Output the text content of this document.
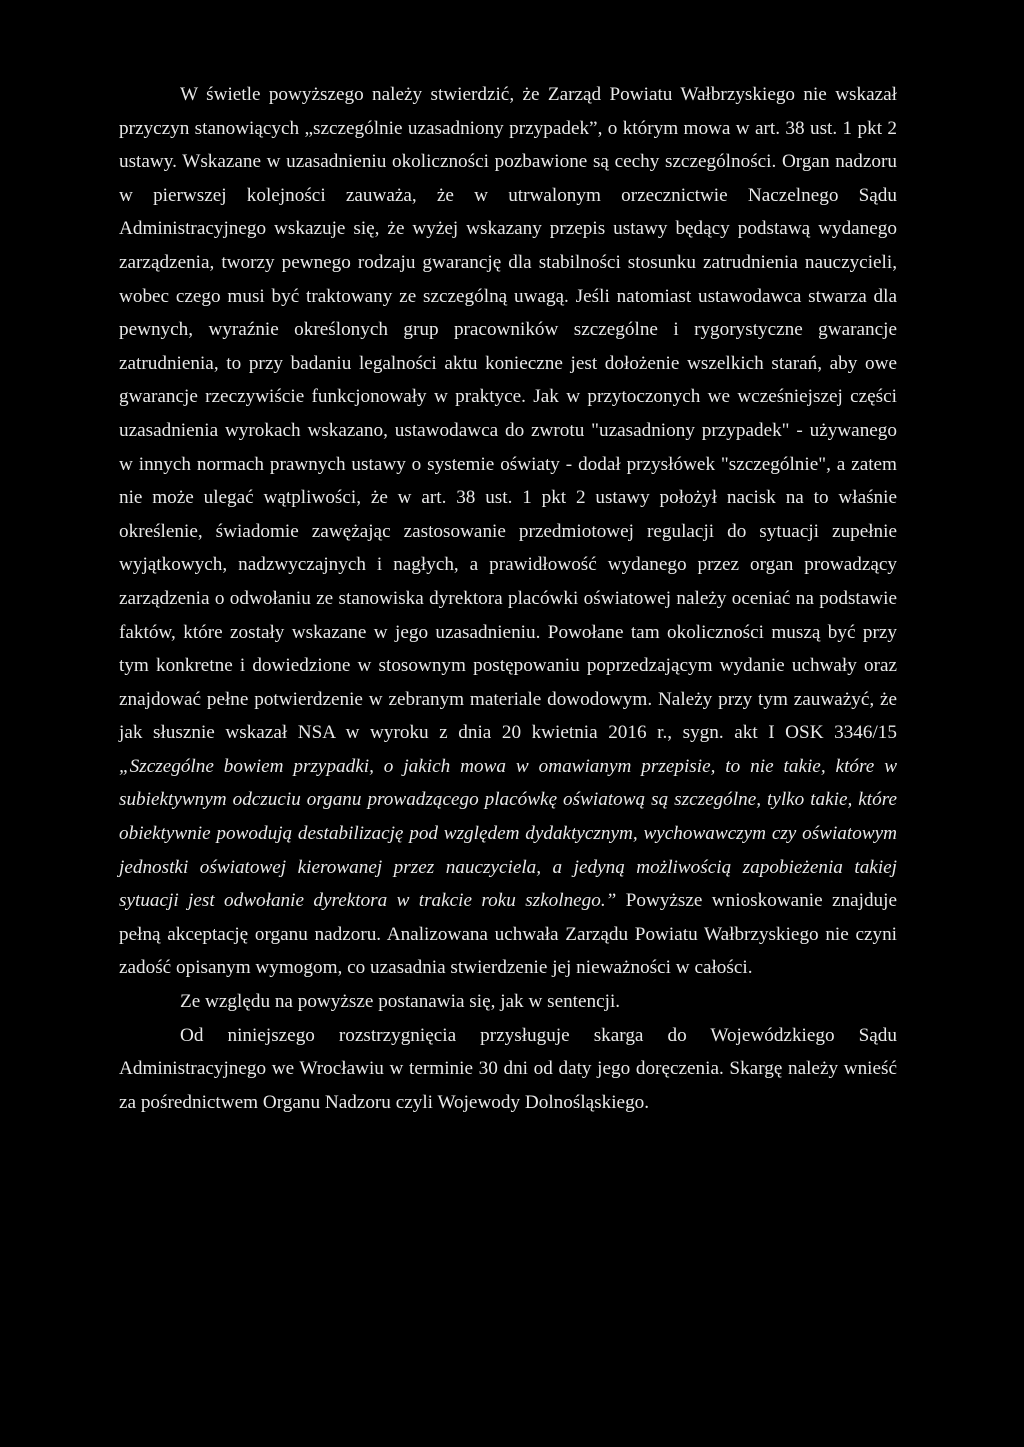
W świetle powyższego należy stwierdzić, że Zarząd Powiatu Wałbrzyskiego nie wskazał przyczyn stanowiących „szczególnie uzasadniony przypadek”, o którym mowa w art. 38 ust. 1 pkt 2 ustawy. Wskazane w uzasadnieniu okoliczności pozbawione są cechy szczególności. Organ nadzoru w pierwszej kolejności zauważa, że w utrwalonym orzecznictwie Naczelnego Sądu Administracyjnego wskazuje się, że wyżej wskazany przepis ustawy będący podstawą wydanego zarządzenia, tworzy pewnego rodzaju gwarancję dla stabilności stosunku zatrudnienia nauczycieli, wobec czego musi być traktowany ze szczególną uwagą. Jeśli natomiast ustawodawca stwarza dla pewnych, wyraźnie określonych grup pracowników szczególne i rygorystyczne gwarancje zatrudnienia, to przy badaniu legalności aktu konieczne jest dołożenie wszelkich starań, aby owe gwarancje rzeczywiście funkcjonowały w praktyce. Jak w przytoczonych we wcześniejszej części uzasadnienia wyrokach wskazano, ustawodawca do zwrotu "uzasadniony przypadek" - używanego w innych normach prawnych ustawy o systemie oświaty - dodał przysłówek "szczególnie", a zatem nie może ulegać wątpliwości, że w art. 38 ust. 1 pkt 2 ustawy położył nacisk na to właśnie określenie, świadomie zawężając zastosowanie przedmiotowej regulacji do sytuacji zupełnie wyjątkowych, nadzwyczajnych i nagłych, a prawidłowość wydanego przez organ prowadzący zarządzenia o odwołaniu ze stanowiska dyrektora placówki oświatowej należy oceniać na podstawie faktów, które zostały wskazane w jego uzasadnieniu. Powołane tam okoliczności muszą być przy tym konkretne i dowiedzione w stosownym postępowaniu poprzedzającym wydanie uchwały oraz znajdować pełne potwierdzenie w zebranym materiale dowodowym. Należy przy tym zauważyć, że jak słusznie wskazał NSA w wyroku z dnia 20 kwietnia 2016 r., sygn. akt I OSK 3346/15 „Szczególne bowiem przypadki, o jakich mowa w omawianym przepisie, to nie takie, które w subiektywnym odczuciu organu prowadzącego placówkę oświatową są szczególne, tylko takie, które obiektywnie powodują destabilizację pod względem dydaktycznym, wychowawczym czy oświatowym jednostki oświatowej kierowanej przez nauczyciela, a jedyną możliwością zapobieżenia takiej sytuacji jest odwołanie dyrektora w trakcie roku szkolnego.” Powyższe wnioskowanie znajduje pełną akceptację organu nadzoru. Analizowana uchwała Zarządu Powiatu Wałbrzyskiego nie czyni zadość opisanym wymogom, co uzasadnia stwierdzenie jej nieważności w całości.

Ze względu na powyższe postanawia się, jak w sentencji.

Od niniejszego rozstrzygnięcia przysługuje skarga do Wojewódzkiego Sądu Administracyjnego we Wrocławiu w terminie 30 dni od daty jego doręczenia. Skargę należy wnieść za pośrednictwem Organu Nadzoru czyli Wojewody Dolnośląskiego.
